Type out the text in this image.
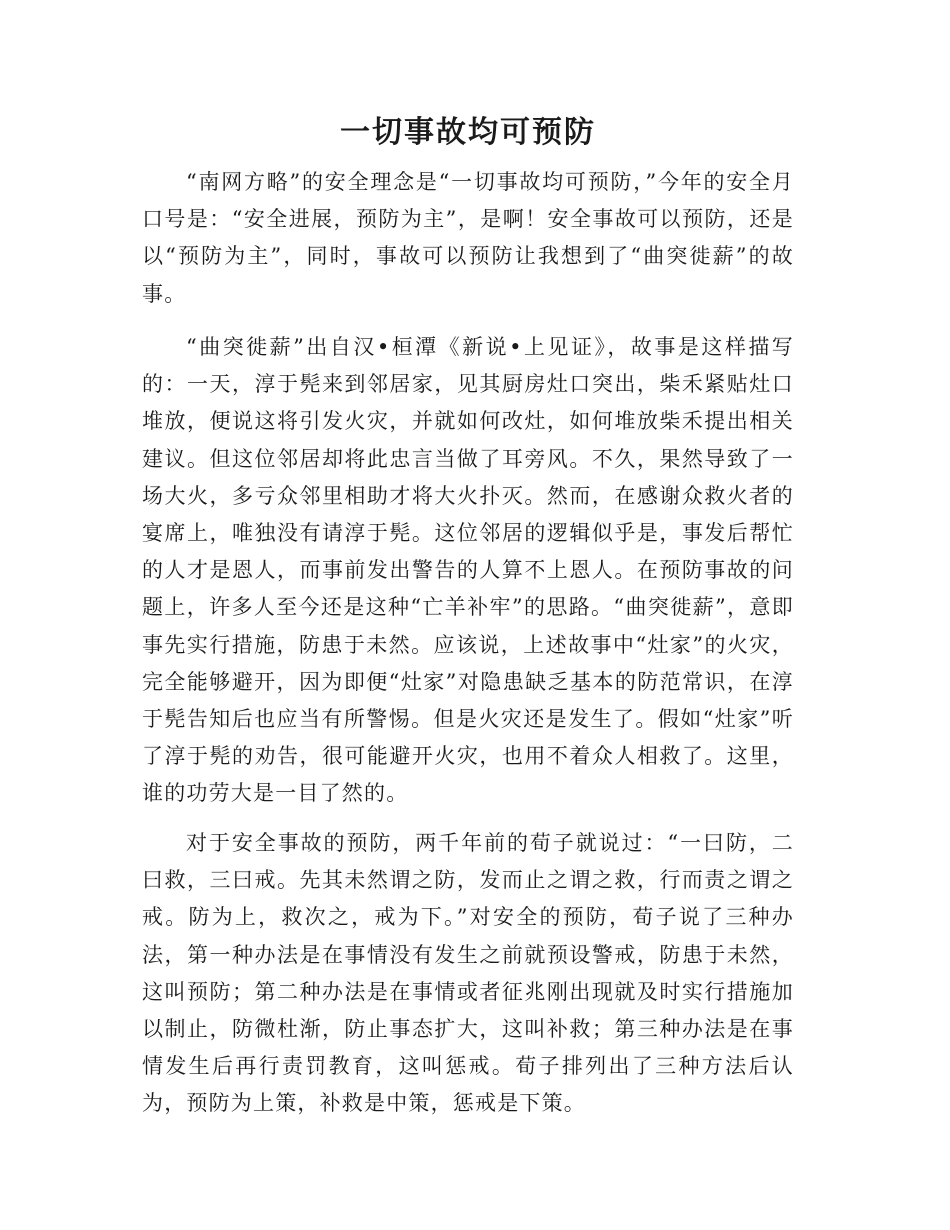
一切事故均可预防

“南网方略”的安全理念是“一切事故均可预防，”今年的安全月口号是：“安全进展，预防为主”，是啊！安全事故可以预防，还是以“预防为主”，同时，事故可以预防让我想到了“曲突徙薪”的故事。

“曲突徙薪”出自汉•桓潭《新说•上见证》，故事是这样描写的：一天，淳于髡来到邻居家，见其厨房灶口突出，柴禾紧贴灶口堆放，便说这将引发火灾，并就如何改灶，如何堆放柴禾提出相关建议。但这位邻居却将此忠言当做了耳旁风。不久，果然导致了一场大火，多亏众邻里相助才将大火扑灭。然而，在感谢众救火者的宴席上，唯独没有请淳于髡。这位邻居的逻辑似乎是，事发后帮忙的人才是恩人，而事前发出警告的人算不上恩人。在预防事故的问题上，许多人至今还是这种“亡羊补牢”的思路。“曲突徙薪”，意即事先实行措施，防患于未然。应该说，上述故事中“灶家”的火灾，完全能够避开，因为即便“灶家”对隐患缺乏基本的防范常识，在淳于髡告知后也应当有所警惕。但是火灾还是发生了。假如“灶家”听了淳于髡的劝告，很可能避开火灾，也用不着众人相救了。这里，谁的功劳大是一目了然的。

对于安全事故的预防，两千年前的荀子就说过：“一曰防，二曰救，三曰戒。先其未然谓之防，发而止之谓之救，行而责之谓之戒。防为上，救次之，戒为下。”对安全的预防，荀子说了三种办法，第一种办法是在事情没有发生之前就预设警戒，防患于未然，这叫预防；第二种办法是在事情或者征兆刚出现就及时实行措施加以制止，防微杜渐，防止事态扩大，这叫补救；第三种办法是在事情发生后再行责罚教育，这叫惩戒。荀子排列出了三种方法后认为，预防为上策，补救是中策，惩戒是下策。
